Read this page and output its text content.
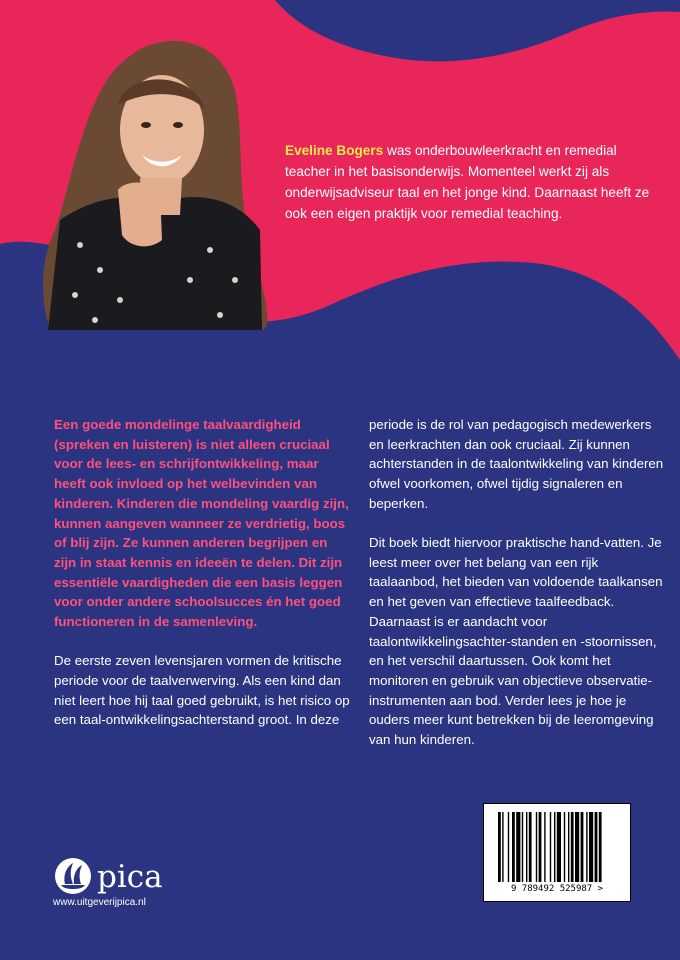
Eveline Bogers was onderbouwleerkracht en remedial teacher in het basisonderwijs. Momenteel werkt zij als onderwijsadviseur taal en het jonge kind. Daarnaast heeft ze ook een eigen praktijk voor remedial teaching.

Een goede mondelinge taalvaardigheid (spreken en luisteren) is niet alleen cruciaal voor de lees- en schrijfontwikkeling, maar heeft ook invloed op het welbevinden van kinderen. Kinderen die mondeling vaardig zijn, kunnen aangeven wanneer ze verdrietig, boos of blij zijn. Ze kunnen anderen begrijpen en zijn in staat kennis en ideeën te delen. Dit zijn essentiële vaardigheden die een basis leggen voor onder andere schoolsucces én het goed functioneren in de samenleving.

De eerste zeven levensjaren vormen de kritische periode voor de taalverwerving. Als een kind dan niet leert hoe hij taal goed gebruikt, is het risico op een taal-ontwikkelingsachterstand groot. In deze

periode is de rol van pedagogisch medewerkers en leerkrachten dan ook cruciaal. Zij kunnen achterstanden in de taalontwikkeling van kinderen ofwel voorkomen, ofwel tijdig signaleren en beperken.

Dit boek biedt hiervoor praktische hand-vatten. Je leest meer over het belang van een rijk taalaanbod, het bieden van voldoende taalkansen en het geven van effectieve taalfeedback. Daarnaast is er aandacht voor taalontwikkelingsachter-standen en -stoornissen, en het verschil daartussen. Ook komt het monitoren en gebruik van objectieve observatie-instrumenten aan bod. Verder lees je hoe je ouders meer kunt betrekken bij de leeromgeving van hun kinderen.

pica
www.uitgeverijpica.nl
9 789492 525987 >
